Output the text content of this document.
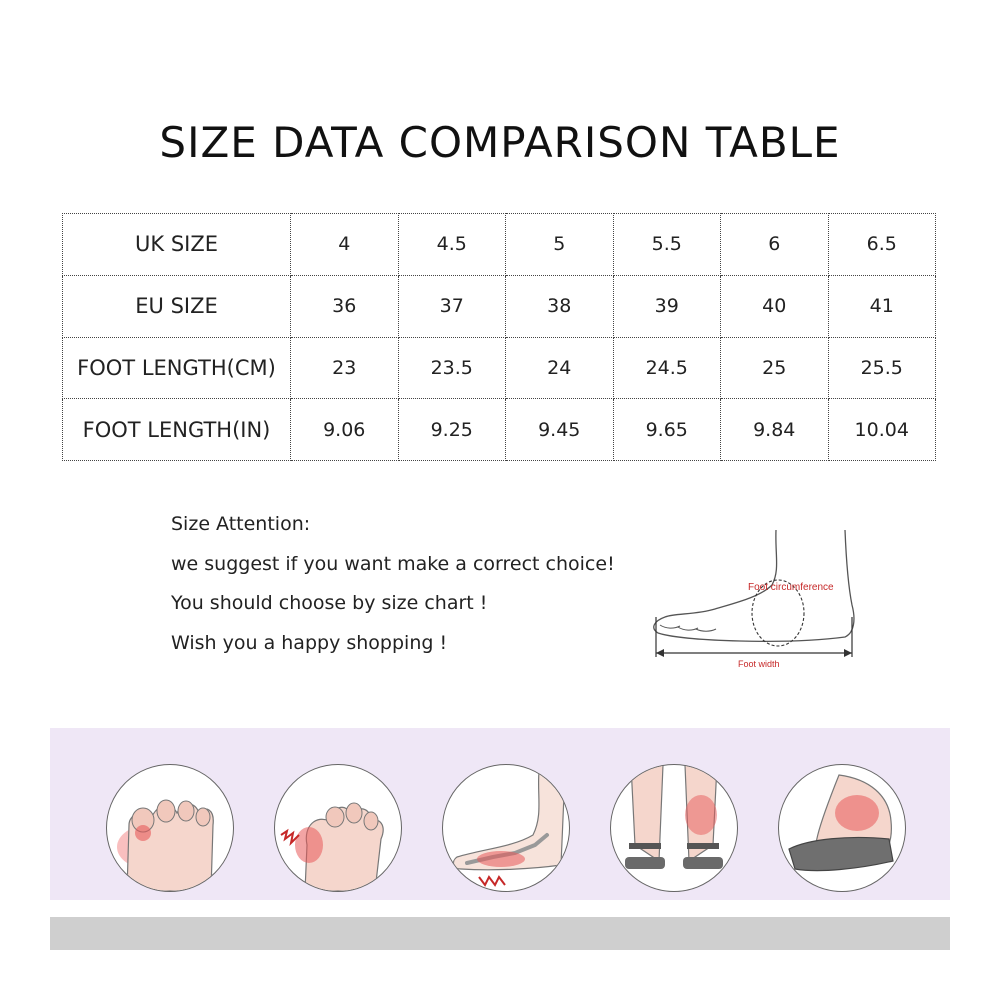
SIZE DATA COMPARISON TABLE
UK SIZE	4	4.5	5	5.5	6	6.5
EU SIZE	36	37	38	39	40	41
FOOT LENGTH(CM)	23	23.5	24	24.5	25	25.5
FOOT LENGTH(IN)	9.06	9.25	9.45	9.65	9.84	10.04
Size Attention:
we suggest if you want make a correct choice!
You should choose by size chart !
Wish you a happy shopping !
Foot circumference
Foot width
